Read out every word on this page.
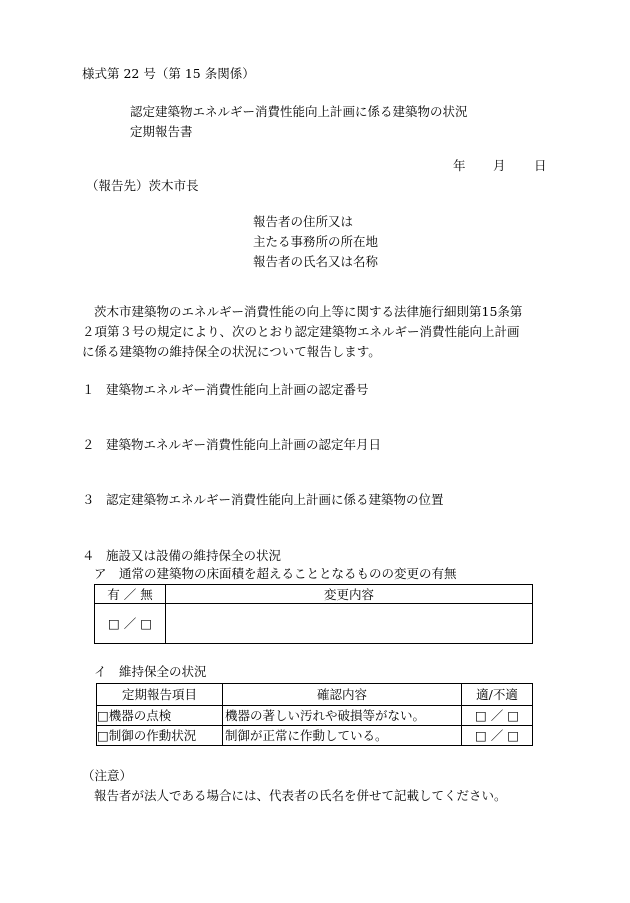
様式第 22 号（第 15 条関係）
認定建築物エネルギー消費性能向上計画に係る建築物の状況
定期報告書
年 月 日
（報告先）茨木市長
報告者の住所又は
主たる事務所の所在地
報告者の氏名又は名称
茨木市建築物のエネルギー消費性能の向上等に関する法律施行細則第15条第
２項第３号の規定により、次のとおり認定建築物エネルギー消費性能向上計画
に係る建築物の維持保全の状況について報告します。
１ 建築物エネルギー消費性能向上計画の認定番号
２ 建築物エネルギー消費性能向上計画の認定年月日
３ 認定建築物エネルギー消費性能向上計画に係る建築物の位置
４ 施設又は設備の維持保全の状況
ア　通常の建築物の床面積を超えることとなるものの変更の有無
有 ／ 無	変更内容
□ ／ □	
イ　維持保全の状況
定期報告項目	確認内容	適/不適
□機器の点検	機器の著しい汚れや破損等がない。	□ ／ □
□制御の作動状況	制御が正常に作動している。	□ ／ □
（注意）
報告者が法人である場合には、代表者の氏名を併せて記載してください。
